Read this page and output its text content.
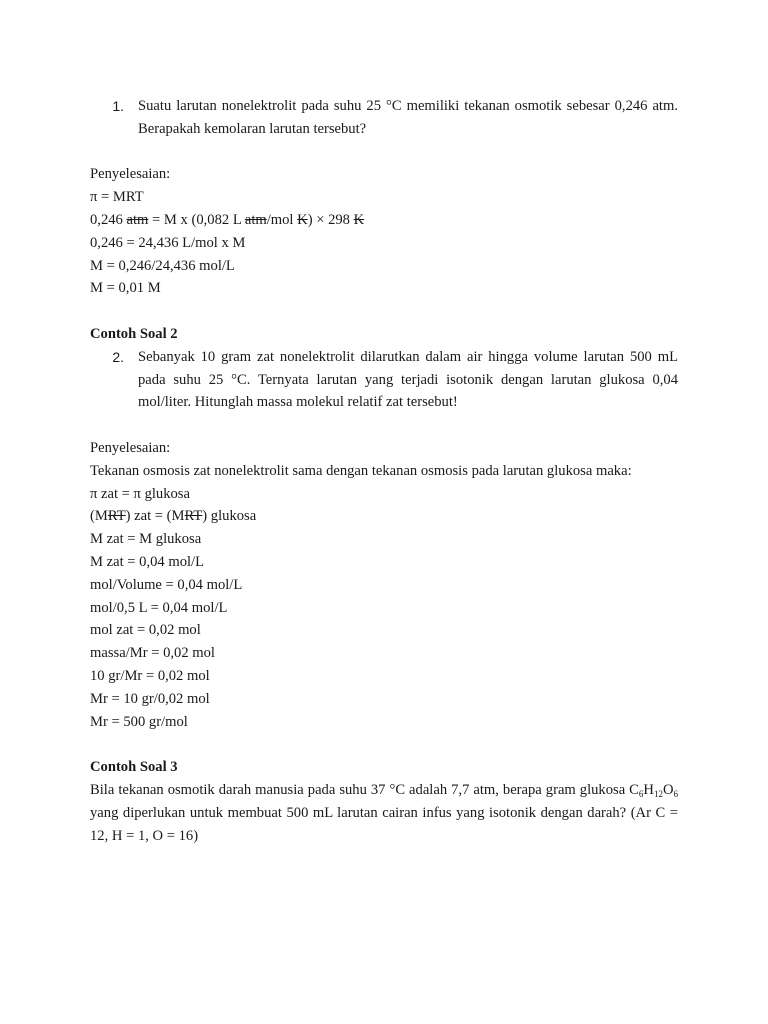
1. Suatu larutan nonelektrolit pada suhu 25 °C memiliki tekanan osmotik sebesar 0,246 atm. Berapakah kemolaran larutan tersebut?
Penyelesaian:
π = MRT
0,246 atm = M x (0,082 L atm/mol K) × 298 K
0,246 = 24,436 L/mol x M
M = 0,246/24,436 mol/L
M = 0,01 M
Contoh Soal 2
2. Sebanyak 10 gram zat nonelektrolit dilarutkan dalam air hingga volume larutan 500 mL pada suhu 25 °C. Ternyata larutan yang terjadi isotonik dengan larutan glukosa 0,04 mol/liter. Hitunglah massa molekul relatif zat tersebut!
Penyelesaian:
Tekanan osmosis zat nonelektrolit sama dengan tekanan osmosis pada larutan glukosa maka:
π zat = π glukosa
(MRT) zat = (MRT) glukosa
M zat = M glukosa
M zat = 0,04 mol/L
mol/Volume = 0,04 mol/L
mol/0,5 L = 0,04 mol/L
mol zat = 0,02 mol
massa/Mr = 0,02 mol
10 gr/Mr = 0,02 mol
Mr = 10 gr/0,02 mol
Mr = 500 gr/mol
Contoh Soal 3
Bila tekanan osmotik darah manusia pada suhu 37 °C adalah 7,7 atm, berapa gram glukosa $C_6H_{12}O_6$ yang diperlukan untuk membuat 500 mL larutan cairan infus yang isotonik dengan darah? (Ar C = 12, H = 1, O = 16)
